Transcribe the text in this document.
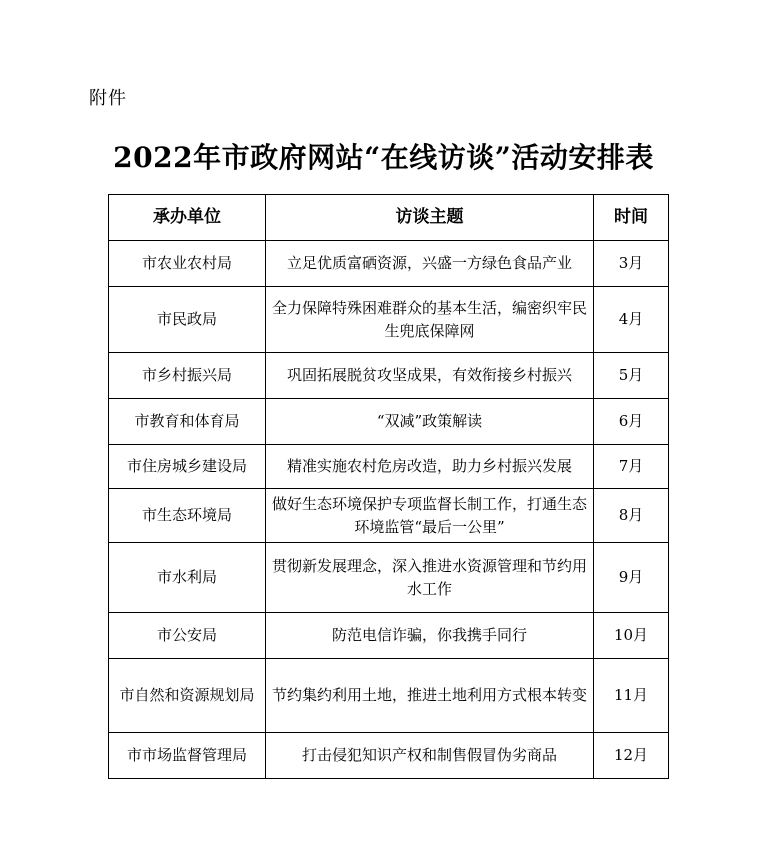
附件
2022年市政府网站“在线访谈”活动安排表
承办单位	访谈主题	时间
市农业农村局	立足优质富硒资源，兴盛一方绿色食品产业	3月
市民政局	全力保障特殊困难群众的基本生活，编密织牢民生兜底保障网	4月
市乡村振兴局	巩固拓展脱贫攻坚成果，有效衔接乡村振兴	5月
市教育和体育局	“双减”政策解读	6月
市住房城乡建设局	精准实施农村危房改造，助力乡村振兴发展	7月
市生态环境局	做好生态环境保护专项监督长制工作，打通生态环境监管“最后一公里”	8月
市水利局	贯彻新发展理念，深入推进水资源管理和节约用水工作	9月
市公安局	防范电信诈骗，你我携手同行	10月
市自然和资源规划局	节约集约利用土地，推进土地利用方式根本转变	11月
市市场监督管理局	打击侵犯知识产权和制售假冒伪劣商品	12月
